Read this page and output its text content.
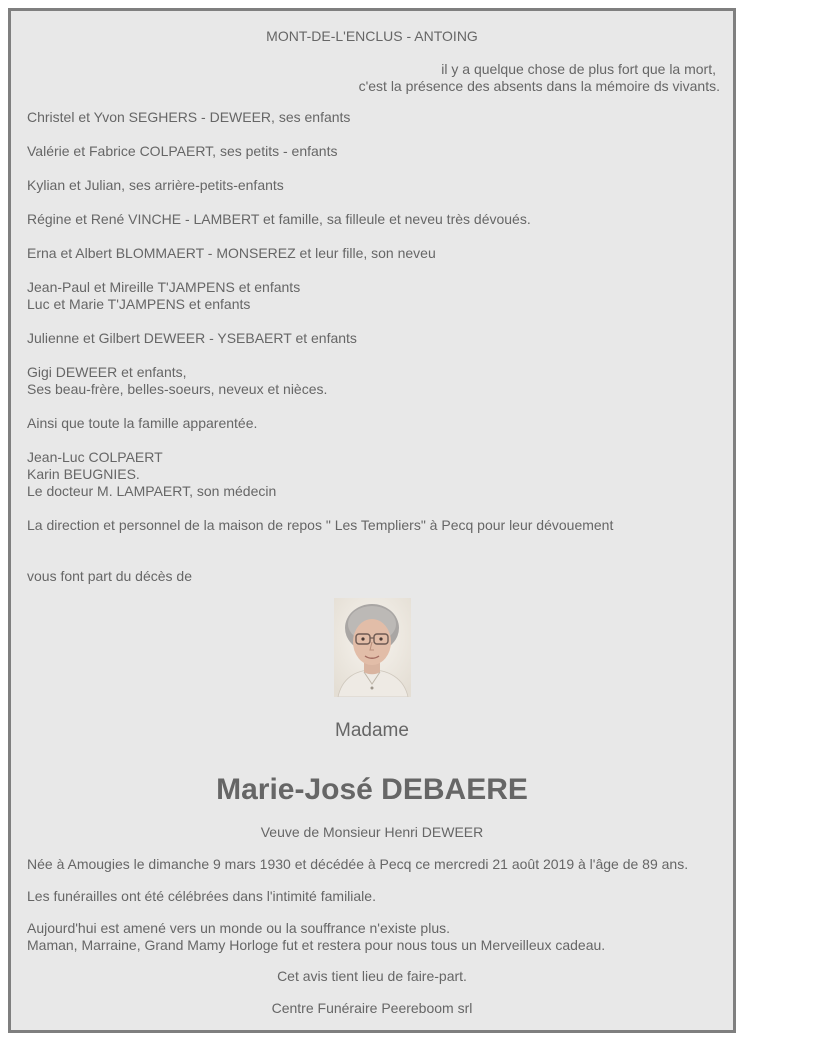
MONT-DE-L'ENCLUS - ANTOING
il y a quelque chose de plus fort que la mort,
c'est la présence des absents dans la mémoire ds vivants.
Christel et Yvon SEGHERS - DEWEER, ses enfants
Valérie et Fabrice COLPAERT, ses petits - enfants
Kylian et Julian, ses arrière-petits-enfants
Régine et René VINCHE - LAMBERT et famille, sa filleule et neveu très dévoués.
Erna et Albert BLOMMAERT - MONSEREZ et leur fille, son neveu
Jean-Paul et Mireille T'JAMPENS et enfants
Luc et Marie T'JAMPENS et enfants
Julienne et Gilbert DEWEER - YSEBAERT et enfants
Gigi DEWEER et enfants,
Ses beau-frère, belles-soeurs, neveux et nièces.
Ainsi que toute la famille apparentée.
Jean-Luc COLPAERT
Karin BEUGNIES.
Le docteur M. LAMPAERT, son médecin
La direction et personnel de la maison de repos " Les Templiers" à Pecq pour leur dévouement
vous font part du décès de
Madame
Marie-José DEBAERE
Veuve de Monsieur Henri DEWEER
Née à Amougies le dimanche 9 mars 1930 et décédée à Pecq ce mercredi 21 août 2019 à l'âge de 89 ans.
Les funérailles ont été célébrées dans l'intimité familiale.
Aujourd'hui est amené vers un monde ou la souffrance n'existe plus.
Maman, Marraine, Grand Mamy Horloge fut et restera pour nous tous un Merveilleux cadeau.
Cet avis tient lieu de faire-part.
Centre Funéraire Peereboom srl
